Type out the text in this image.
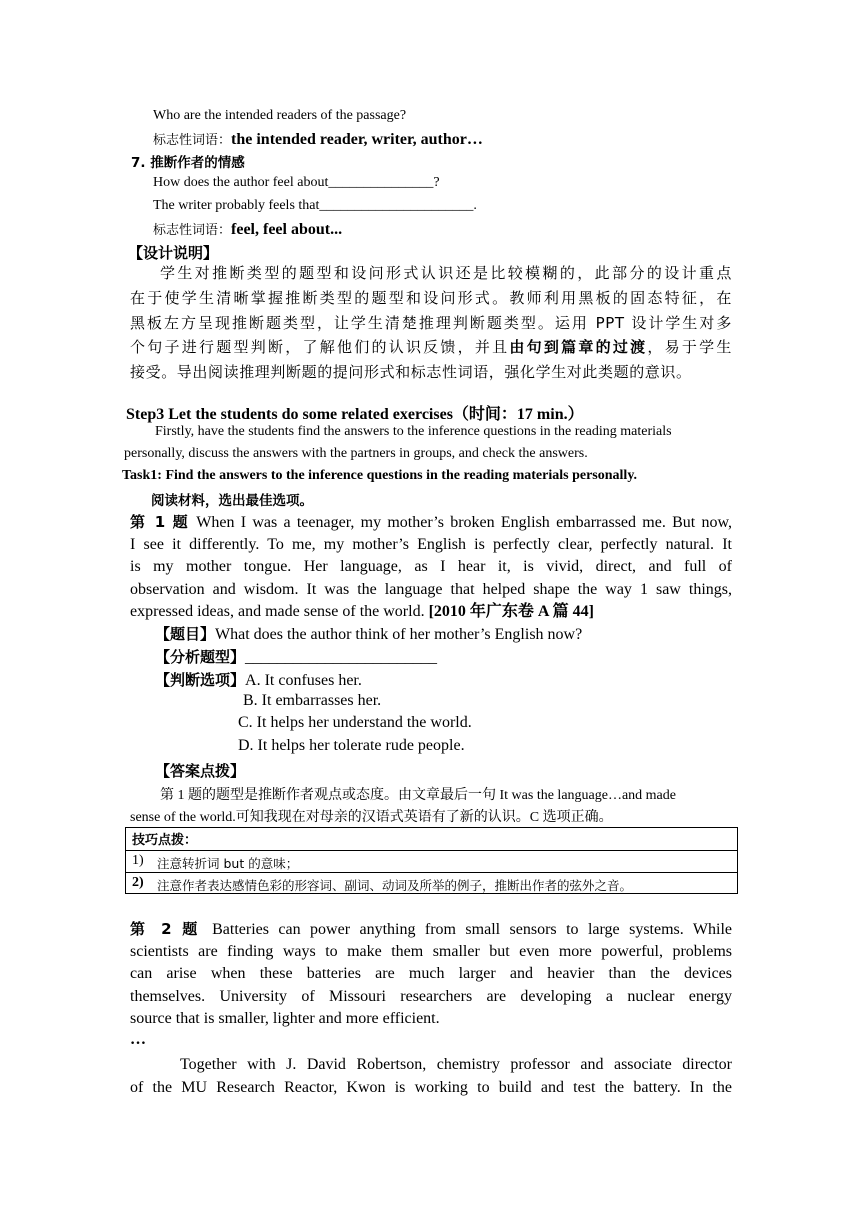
Who are the intended readers of the passage?
标志性词语：the intended reader, writer, author…
7. 推断作者的情感
How does the author feel about_______________?
The writer probably feels that______________________.
标志性词语：feel, feel about...
【设计说明】
学生对推断类型的题型和设问形式认识还是比较模糊的，此部分的设计重点
在于使学生清晰掌握推断类型的题型和设问形式。教师利用黑板的固态特征，在
黑板左方呈现推断题类型，让学生清楚推理判断题类型。运用 PPT 设计学生对多
个句子进行题型判断，了解他们的认识反馈，并且由句到篇章的过渡，易于学生
接受。导出阅读推理判断题的提问形式和标志性词语，强化学生对此类题的意识。
Step3 Let the students do some related exercises（时间：17 min.）
Firstly, have the students find the answers to the inference questions in the reading materials
personally, discuss the answers with the partners in groups, and check the answers.
Task1: Find the answers to the inference questions in the reading materials personally.
阅读材料，选出最佳选项。
第 1 题 When I was a teenager, my mother’s broken English embarrassed me. But now,
I see it differently. To me, my mother’s English is perfectly clear, perfectly natural. It
is my mother tongue. Her language, as I hear it, is vivid, direct, and full of
observation and wisdom. It was the language that helped shape the way 1 saw things,
expressed ideas, and made sense of the world. [2010 年广东卷 A 篇 44]
【题目】What does the author think of her mother’s English now?
【分析题型】________________________
【判断选项】A. It confuses her.
B. It embarrasses her.
C. It helps her understand the world.
D. It helps her tolerate rude people.
【答案点拨】
第 1 题的题型是推断作者观点或态度。由文章最后一句 It was the language…and made
sense of the world.可知我现在对母亲的汉语式英语有了新的认识。C 选项正确。
技巧点拨：
1) 注意转折词 but 的意味；
2) 注意作者表达感情色彩的形容词、副词、动词及所举的例子，推断出作者的弦外之音。
第 2 题 Batteries can power anything from small sensors to large systems. While
scientists are finding ways to make them smaller but even more powerful, problems
can arise when these batteries are much larger and heavier than the devices
themselves. University of Missouri researchers are developing a nuclear energy
source that is smaller, lighter and more efficient.
…
Together with J. David Robertson, chemistry professor and associate director
of the MU Research Reactor, Kwon is working to build and test the battery. In the
